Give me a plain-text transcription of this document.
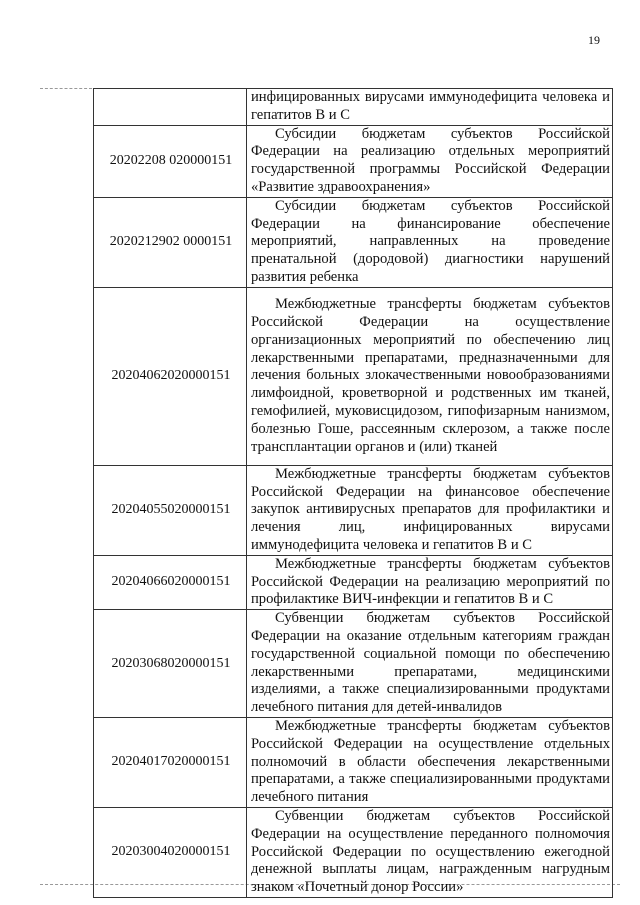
19
	инфицированных вирусами иммунодефицита человека и гепатитов В и С
20202208 020000151	Субсидии бюджетам субъектов Российской Федерации на реализацию отдельных мероприятий государственной программы Российской Федерации «Развитие здравоохранения»
2020212902 0000151	Субсидии бюджетам субъектов Российской Федерации на финансирование обеспечение мероприятий, направленных на проведение пренатальной (дородовой) диагностики нарушений развития ребенка
20204062020000151	Межбюджетные трансферты бюджетам субъектов Российской Федерации на осуществление организационных мероприятий по обеспечению лиц лекарственными препаратами, предназначенными для лечения больных злокачественными новообразованиями лимфоидной, кроветворной и родственных им тканей, гемофилией, муковисцидозом, гипофизарным нанизмом, болезнью Гоше, рассеянным склерозом, а также после трансплантации органов и (или) тканей
20204055020000151	Межбюджетные трансферты бюджетам субъектов Российской Федерации на финансовое обеспечение закупок антивирусных препаратов для профилактики и лечения лиц, инфицированных вирусами иммунодефицита человека и гепатитов В и С
20204066020000151	Межбюджетные трансферты бюджетам субъектов Российской Федерации на реализацию мероприятий по профилактике ВИЧ-инфекции и гепатитов В и С
20203068020000151	Субвенции бюджетам субъектов Российской Федерации на оказание отдельным категориям граждан государственной социальной помощи по обеспечению лекарственными препаратами, медицинскими изделиями, а также специализированными продуктами лечебного питания для детей-инвалидов
20204017020000151	Межбюджетные трансферты бюджетам субъектов Российской Федерации на осуществление отдельных полномочий в области обеспечения лекарственными препаратами, а также специализированными продуктами лечебного питания
20203004020000151	Субвенции бюджетам субъектов Российской Федерации на осуществление переданного полномочия Российской Федерации по осуществлению ежегодной денежной выплаты лицам, награжденным нагрудным знаком «Почетный донор России»
